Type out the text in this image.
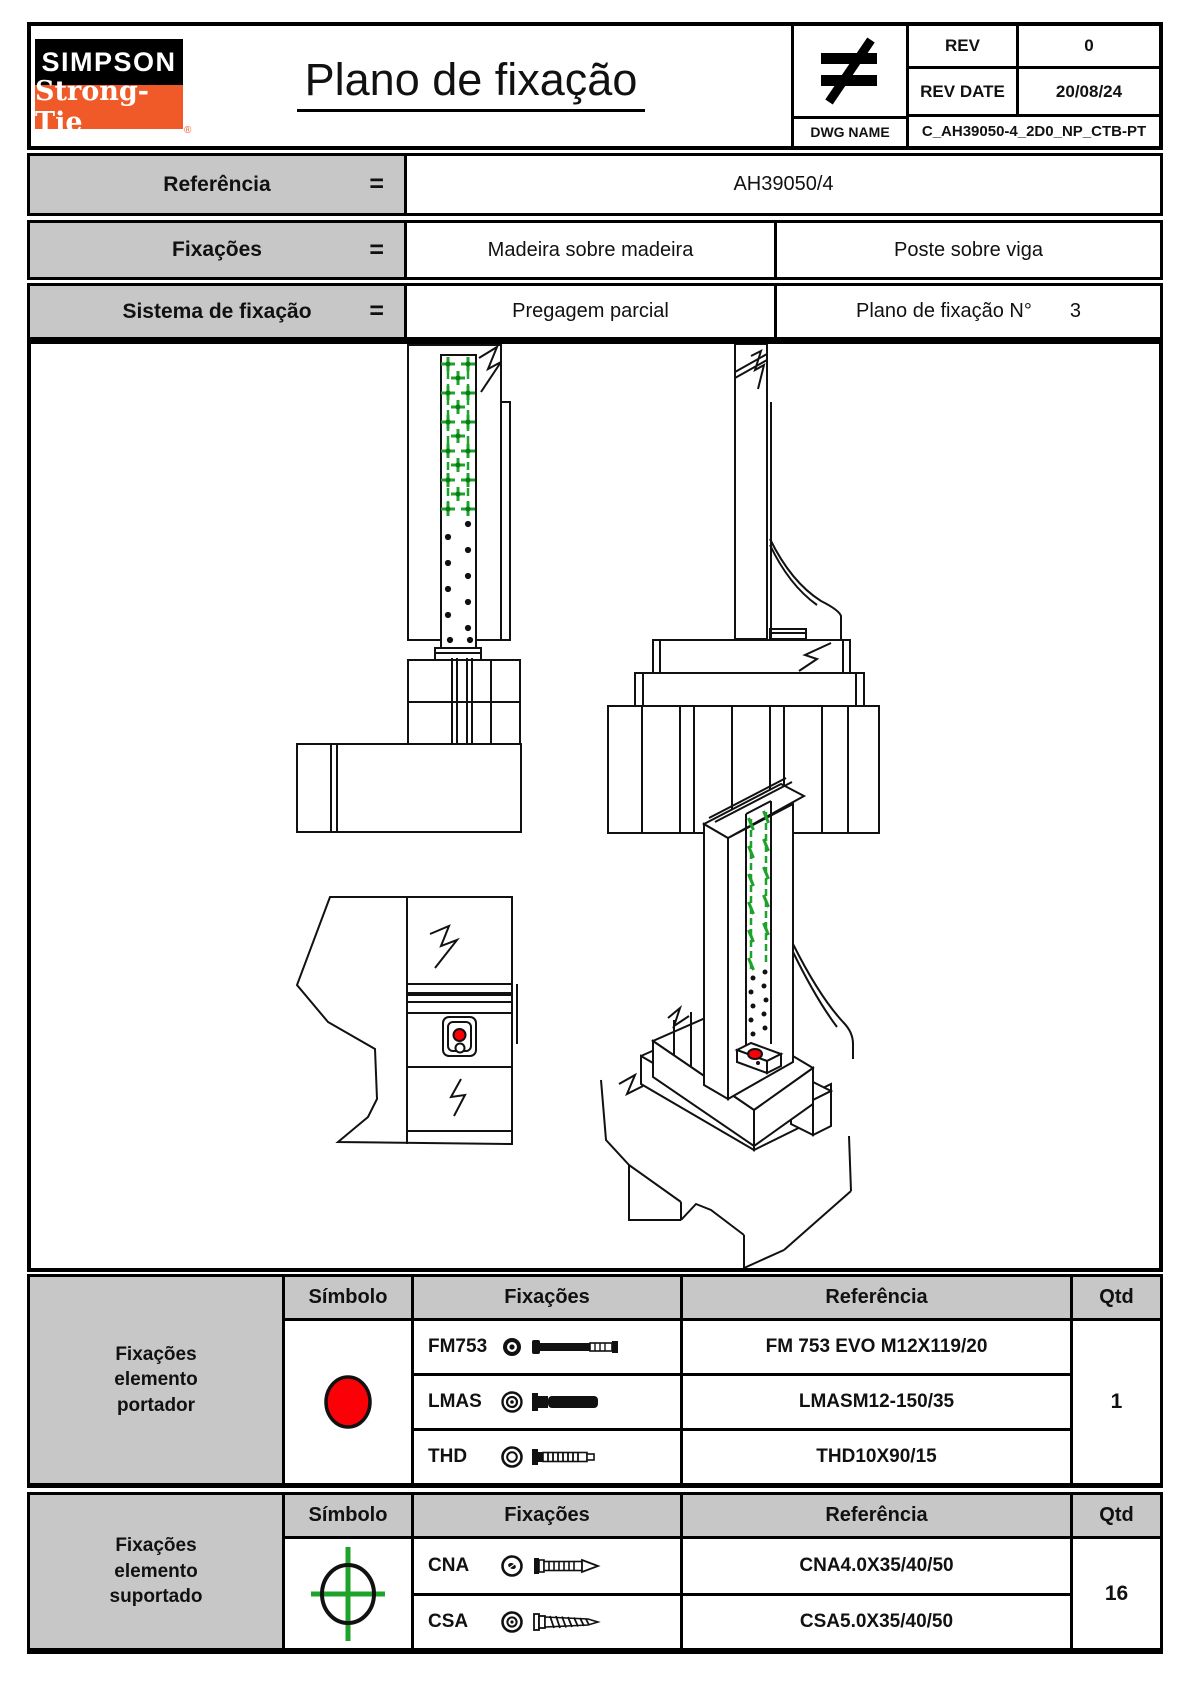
SIMPSON
Strong-Tie	®
Plano de fixação
REV	0
REV DATE	20/08/24
DWG NAME	C_AH39050-4_2D0_NP_CTB-PT
Referência	=	AH39050/4
Fixações	=	Madeira sobre madeira	Poste sobre viga
Sistema de fixação =	Pregagem parcial	Plano de fixação N° 3
Fixações
elemento
portador
Símbolo	Fixações	Referência	Qtd
FM753	FM 753 EVO M12X119/20
LMAS	LMASM12-150/35
THD	THD10X90/15
1
Fixações
elemento
suportado
Símbolo	Fixações	Referência	Qtd
CNA	CNA4.0X35/40/50
CSA	CSA5.0X35/40/50
16
